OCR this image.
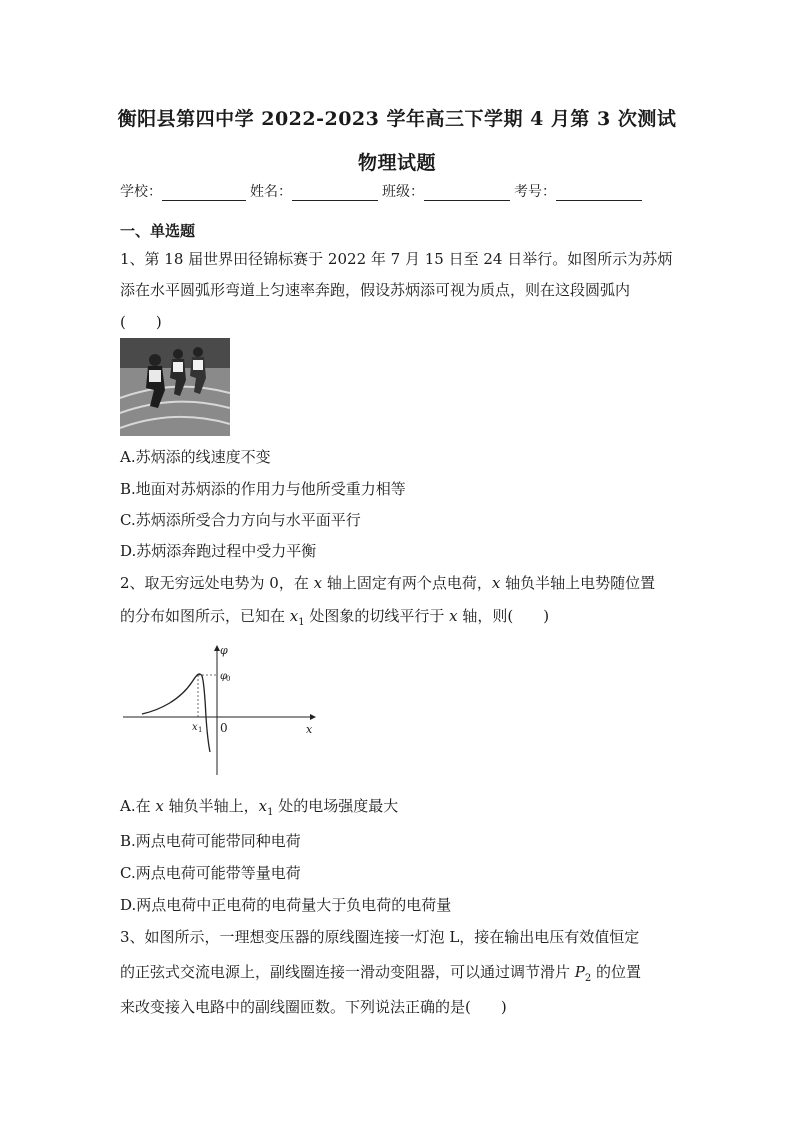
衡阳县第四中学 2022-2023 学年高三下学期 4 月第 3 次测试
物理试题
学校：	姓名：	班级：	考号：
一、单选题
1、第 18 届世界田径锦标赛于 2022 年 7 月 15 日至 24 日举行。如图所示为苏炳
添在水平圆弧形弯道上匀速率奔跑，假设苏炳添可视为质点，则在这段圆弧内
(　　)
A.苏炳添的线速度不变
B.地面对苏炳添的作用力与他所受重力相等
C.苏炳添所受合力方向与水平面平行
D.苏炳添奔跑过程中受力平衡
2、取无穷远处电势为 0，在 x 轴上固定有两个点电荷，x 轴负半轴上电势随位置
的分布如图所示，已知在 $x_1$ 处图象的切线平行于 x 轴，则(　　)
φ
φ
0
x 1 0	x
A.在 x 轴负半轴上，$x_1$ 处的电场强度最大
B.两点电荷可能带同种电荷
C.两点电荷可能带等量电荷
D.两点电荷中正电荷的电荷量大于负电荷的电荷量
3、如图所示，一理想变压器的原线圈连接一灯泡 L，接在输出电压有效值恒定
的正弦式交流电源上，副线圈连接一滑动变阻器，可以通过调节滑片 $P_2$ 的位置
来改变接入电路中的副线圈匝数。下列说法正确的是(　　)
